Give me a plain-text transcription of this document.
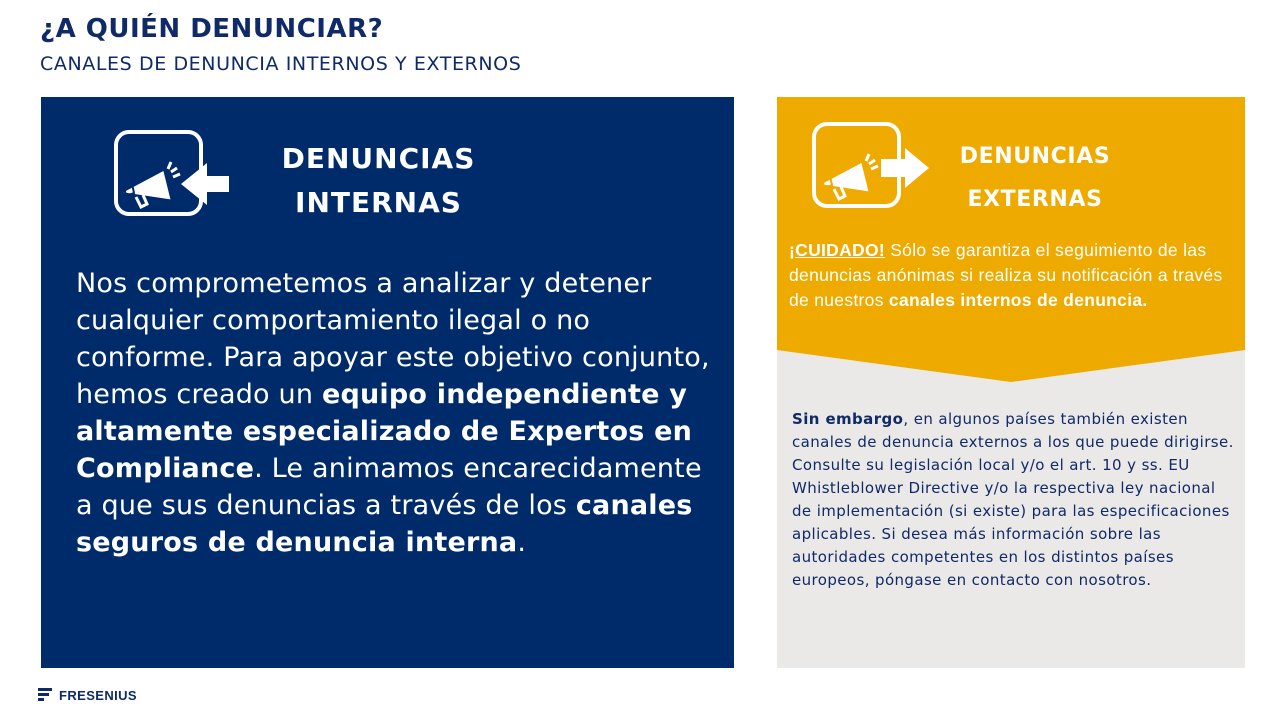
¿A QUIÉN DENUNCIAR?
CANALES DE DENUNCIA INTERNOS Y EXTERNOS
DENUNCIAS
INTERNAS
Nos comprometemos a analizar y detener cualquier comportamiento ilegal o no conforme. Para apoyar este objetivo conjunto, hemos creado un equipo independiente y altamente especializado de Expertos en Compliance. Le animamos encarecidamente a que sus denuncias a través de los canales seguros de denuncia interna.
DENUNCIAS
EXTERNAS
¡CUIDADO! Sólo se garantiza el seguimiento de las denuncias anónimas si realiza su notificación a través de nuestros canales internos de denuncia.
Sin embargo, en algunos países también existen canales de denuncia externos a los que puede dirigirse. Consulte su legislación local y/o el art. 10 y ss. EU Whistleblower Directive y/o la respectiva ley nacional de implementación (si existe) para las especificaciones aplicables. Si desea más información sobre las autoridades competentes en los distintos países europeos, póngase en contacto con nosotros.
FRESENIUS
